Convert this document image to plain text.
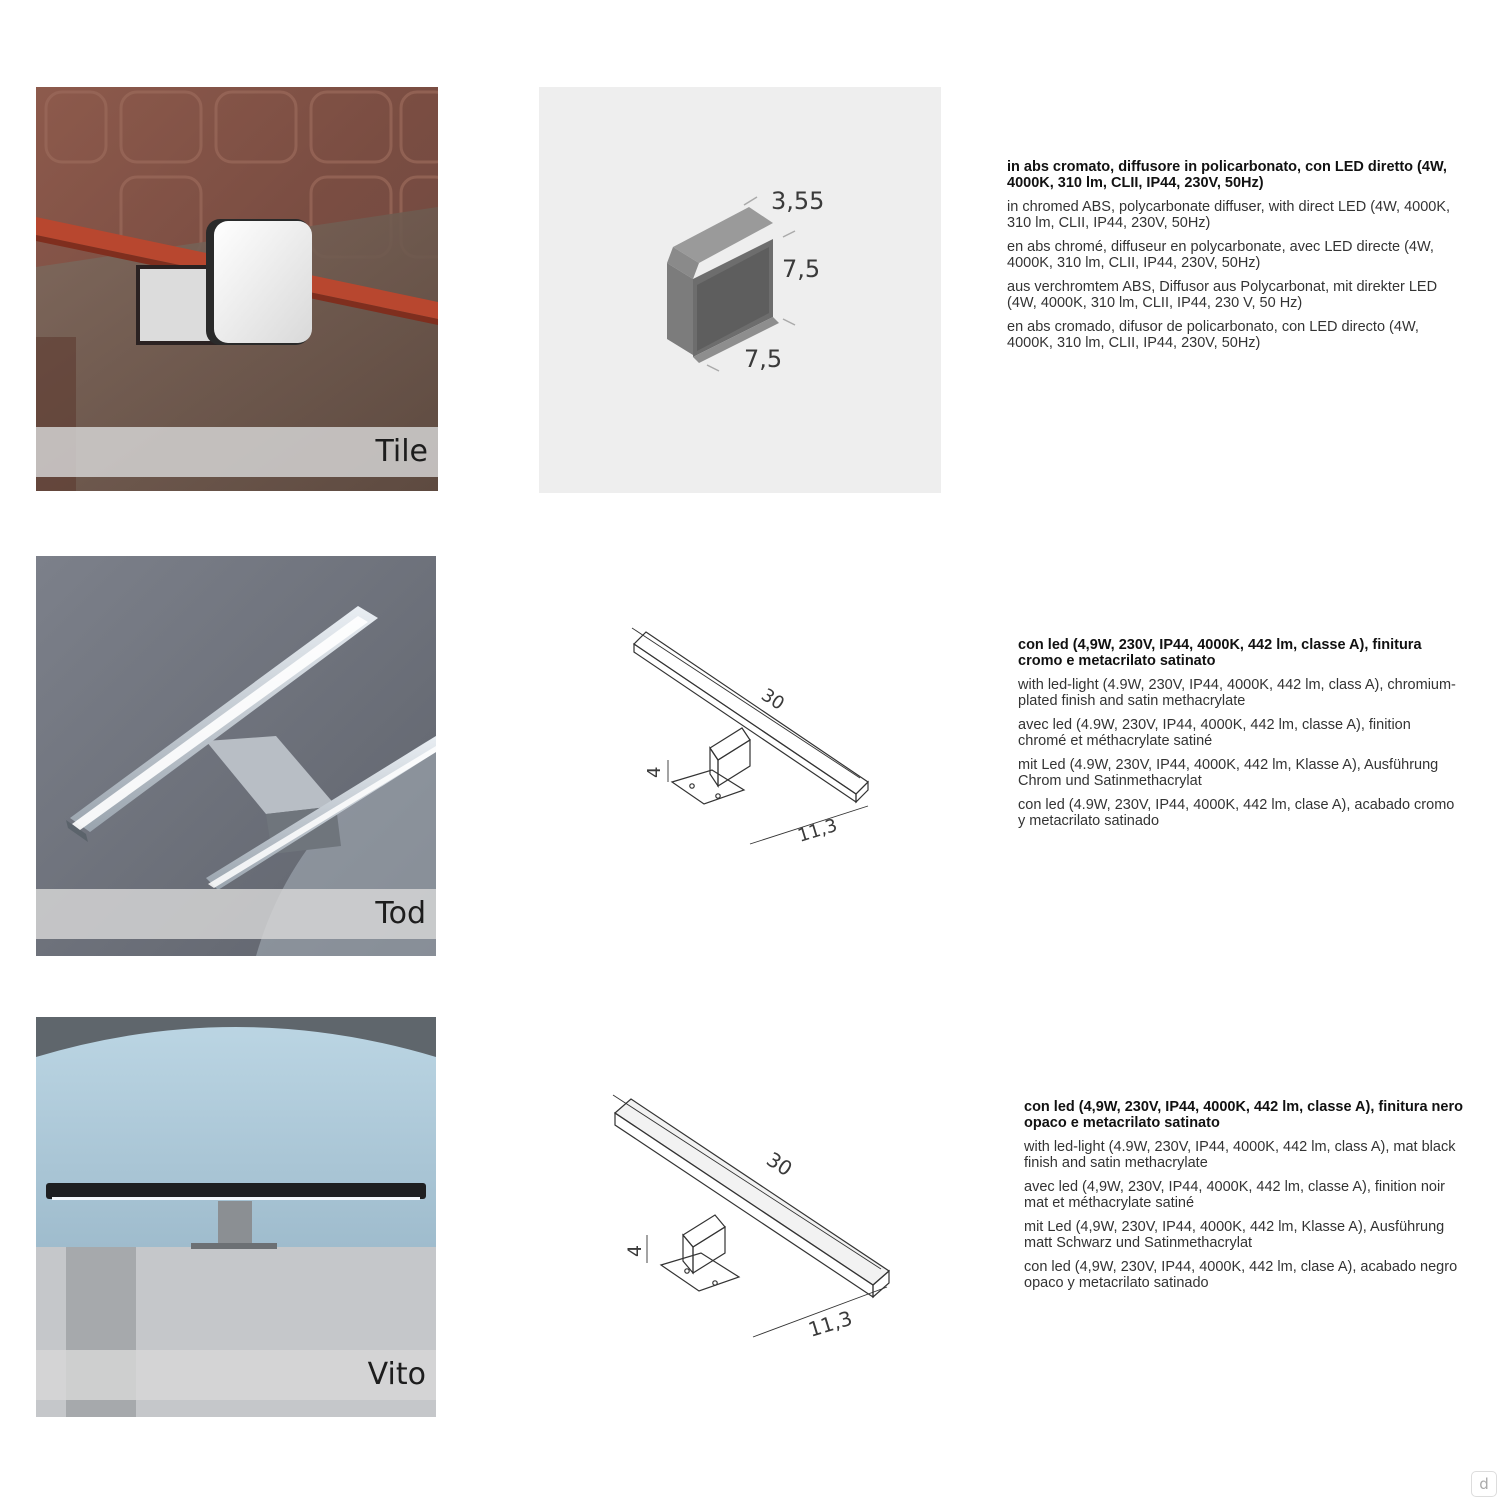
Tile
3,55
7,5
7,5
in abs cromato, diffusore in policarbonato, con LED diretto (4W, 4000K, 310 lm, CLII, IP44, 230V, 50Hz)
in chromed ABS, polycarbonate diffuser, with direct LED (4W, 4000K, 310 lm, CLII, IP44, 230V, 50Hz)
en abs chromé, diffuseur en polycarbonate, avec LED directe (4W, 4000K, 310 lm, CLII, IP44, 230V, 50Hz)
aus verchromtem ABS, Diffusor aus Polycarbonat, mit direkter LED (4W, 4000K, 310 lm, CLII, IP44, 230 V, 50 Hz)
en abs cromado, difusor de policarbonato, con LED directo (4W, 4000K, 310 lm, CLII, IP44, 230V, 50Hz)
Tod
30
4
11,3
con led (4,9W, 230V, IP44, 4000K, 442 lm, classe A), finitura cromo e metacrilato satinato
with led-light (4.9W, 230V, IP44, 4000K, 442 lm, class A), chromium-plated finish and satin methacrylate
avec led (4.9W, 230V, IP44, 4000K, 442 lm, classe A), finition chromé et méthacrylate satiné
mit Led (4.9W, 230V, IP44, 4000K, 442 lm, Klasse A), Ausführung Chrom und Satinmethacrylat
con led (4.9W, 230V, IP44, 4000K, 442 lm, clase A), acabado cromo y metacrilato satinado
Vito
30
4
11,3
con led (4,9W, 230V, IP44, 4000K, 442 lm, classe A), finitura nero opaco e metacrilato satinato
with led-light (4.9W, 230V, IP44, 4000K, 442 lm, class A), mat black finish and satin methacrylate
avec led (4,9W, 230V, IP44, 4000K, 442 lm, classe A), finition noir mat et méthacrylate satiné
mit Led (4,9W, 230V, IP44, 4000K, 442 lm, Klasse A), Ausführung matt Schwarz und Satinmethacrylat
con led (4,9W, 230V, IP44, 4000K, 442 lm, clase A), acabado negro opaco y metacrilato satinado
d
